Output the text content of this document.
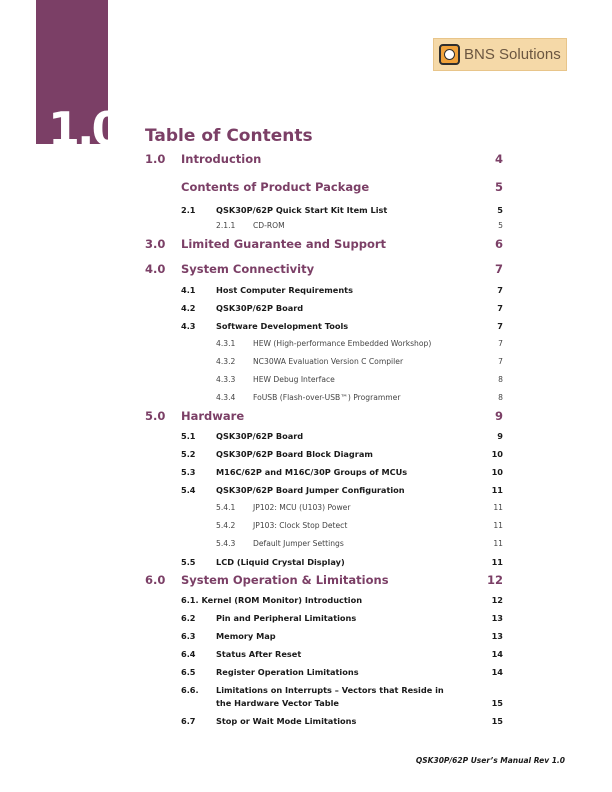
1.0
BNS Solutions
Table of Contents
1.0	Introduction	4
Contents of Product Package	5
2.1	QSK30P/62P Quick Start Kit Item List	5
2.1.1	CD-ROM	5
3.0	Limited Guarantee and Support	6
4.0	System Connectivity	7
4.1	Host Computer Requirements	7
4.2	QSK30P/62P Board	7
4.3	Software Development Tools	7
4.3.1	HEW (High-performance Embedded Workshop)	7
4.3.2	NC30WA Evaluation Version C Compiler	7
4.3.3	HEW Debug Interface	8
4.3.4	FoUSB (Flash-over-USB™) Programmer	8
5.0	Hardware	9
5.1	QSK30P/62P Board	9
5.2	QSK30P/62P Board Block Diagram	10
5.3	M16C/62P and M16C/30P Groups of MCUs	10
5.4	QSK30P/62P Board Jumper Configuration	11
5.4.1	JP102: MCU (U103) Power	11
5.4.2	JP103: Clock Stop Detect	11
5.4.3	Default Jumper Settings	11
5.5	LCD (Liquid Crystal Display)	11
6.0	System Operation & Limitations	12
6.1. Kernel (ROM Monitor) Introduction	12
6.2	Pin and Peripheral Limitations	13
6.3	Memory Map	13
6.4	Status After Reset	14
6.5	Register Operation Limitations	14
6.6.	Limitations on Interrupts – Vectors that Reside in
the Hardware Vector Table	15
6.7	Stop or Wait Mode Limitations	15
QSK30P/62P User’s Manual Rev 1.0
